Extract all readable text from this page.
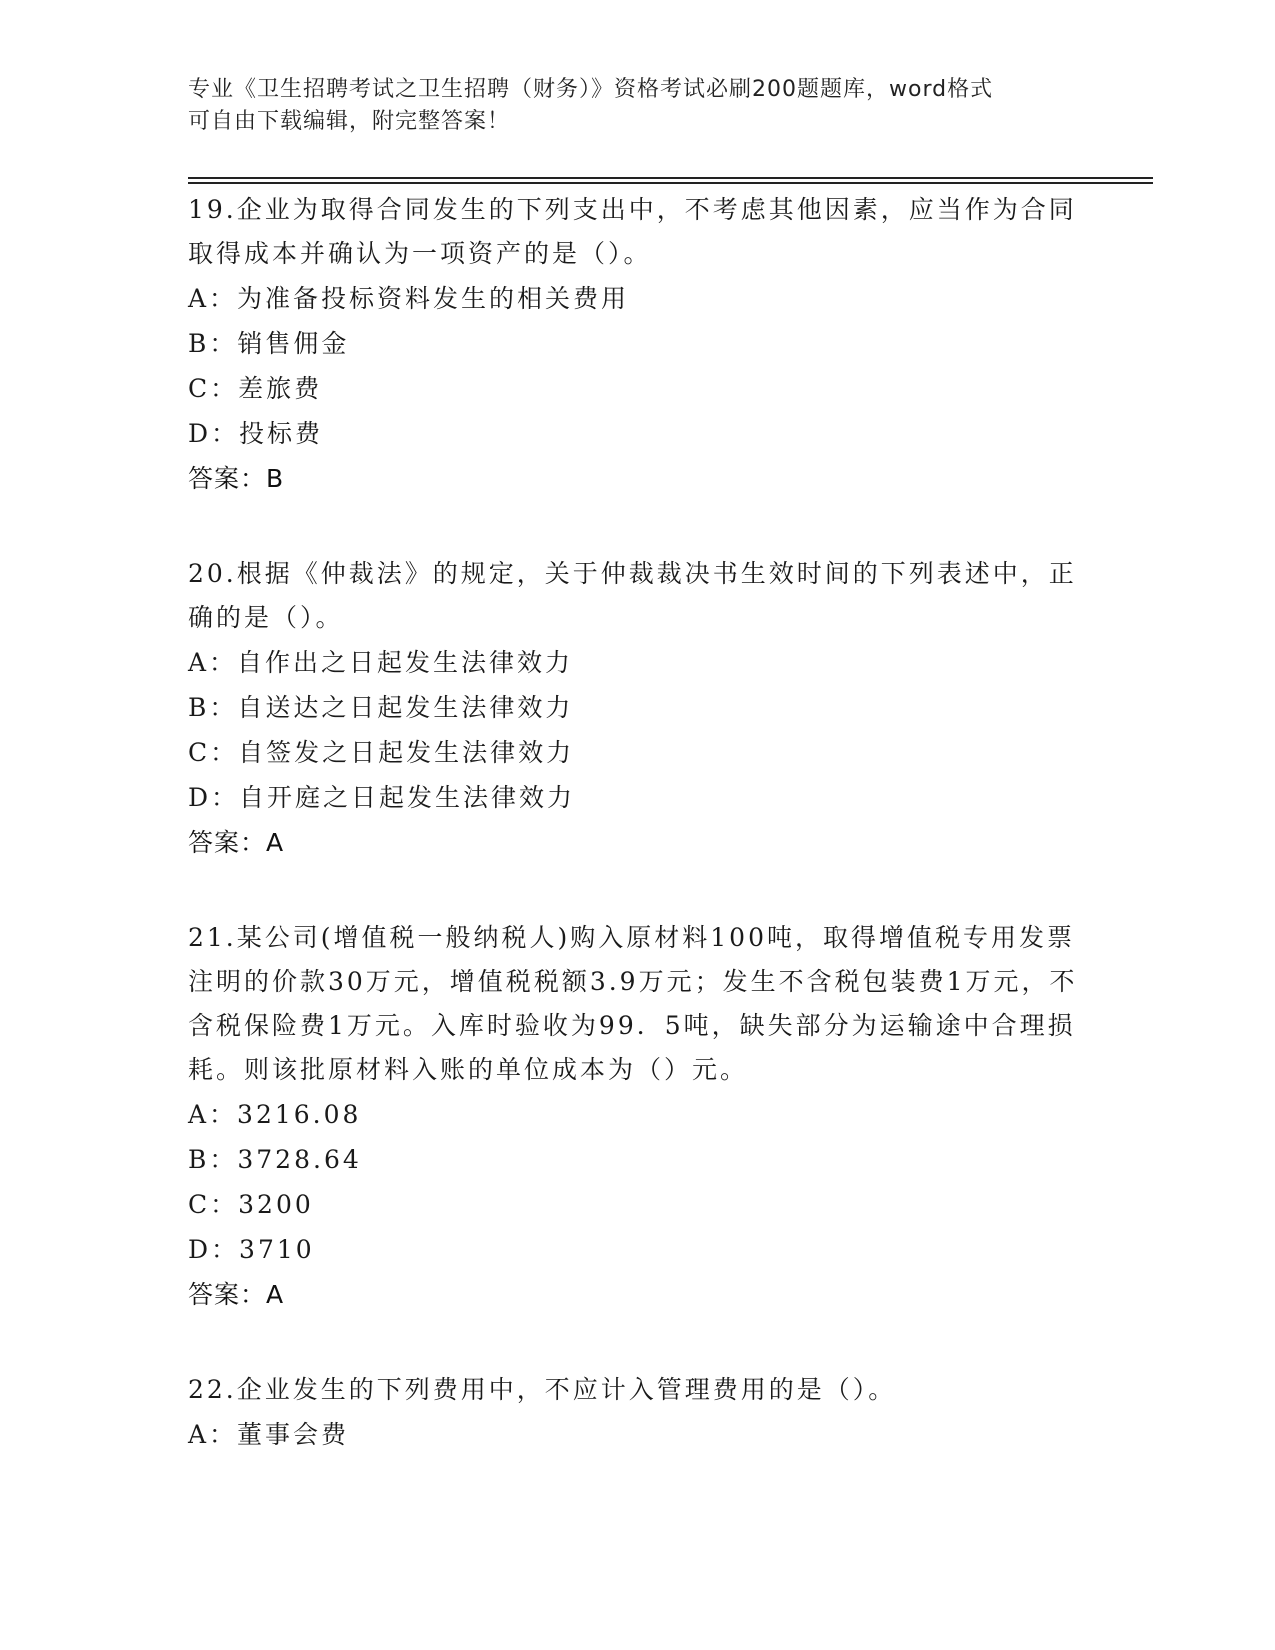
专业《卫生招聘考试之卫生招聘（财务）》资格考试必刷200题题库，word格式
可自由下载编辑，附完整答案！
19.企业为取得合同发生的下列支出中，不考虑其他因素，应当作为合同取得成本并确认为一项资产的是（）。
A：为准备投标资料发生的相关费用
B：销售佣金
C：差旅费
D：投标费
答案：B
20.根据《仲裁法》的规定，关于仲裁裁决书生效时间的下列表述中，正确的是（）。
A：自作出之日起发生法律效力
B：自送达之日起发生法律效力
C：自签发之日起发生法律效力
D：自开庭之日起发生法律效力
答案：A
21.某公司(增值税一般纳税人)购入原材料100吨，取得增值税专用发票注明的价款30万元，增值税税额3.9万元；发生不含税包装费1万元，不含税保险费1万元。入库时验收为99．5吨，缺失部分为运输途中合理损耗。则该批原材料入账的单位成本为（）元。
A：3216.08
B：3728.64
C：3200
D：3710
答案：A
22.企业发生的下列费用中，不应计入管理费用的是（）。
A：董事会费
